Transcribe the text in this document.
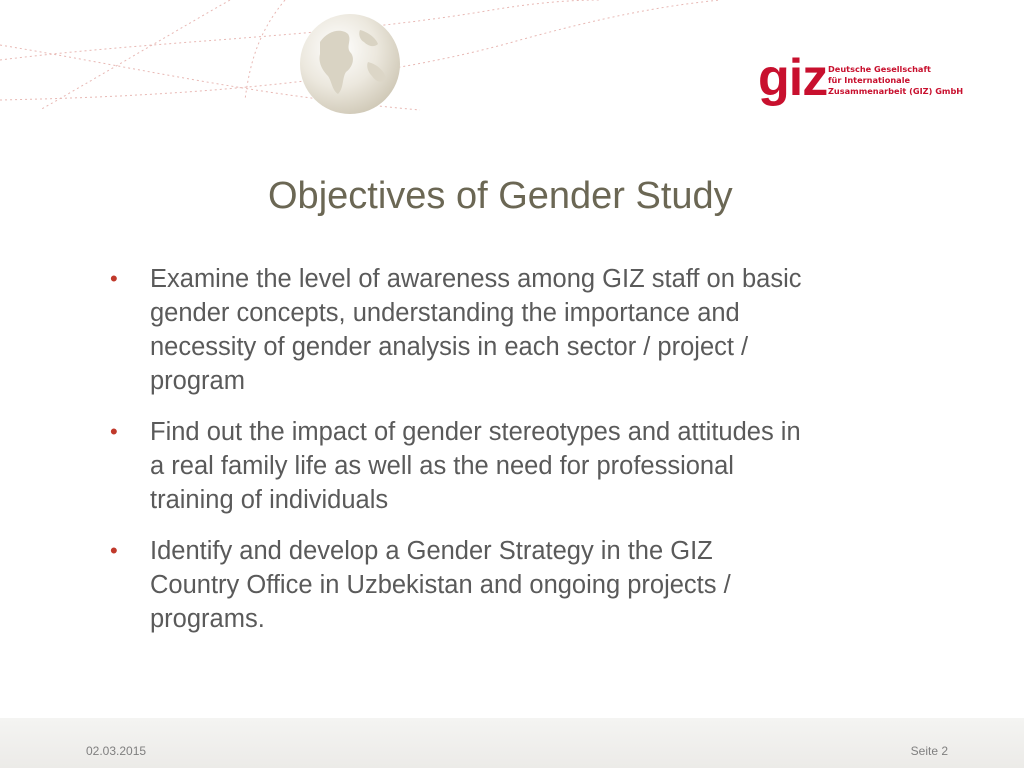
giz Deutsche Gesellschaft
für Internationale
Zusammenarbeit (GIZ) GmbH
Objectives of Gender Study
• Examine the level of awareness among GIZ staff on basic gender concepts, understanding the importance and necessity of gender analysis in each sector / project / program
• Find out the impact of gender stereotypes and attitudes in a real family life as well as the need for professional training of individuals
• Identify and develop a Gender Strategy in the GIZ Country Office in Uzbekistan and ongoing projects / programs.
02.03.2015	Seite 2
